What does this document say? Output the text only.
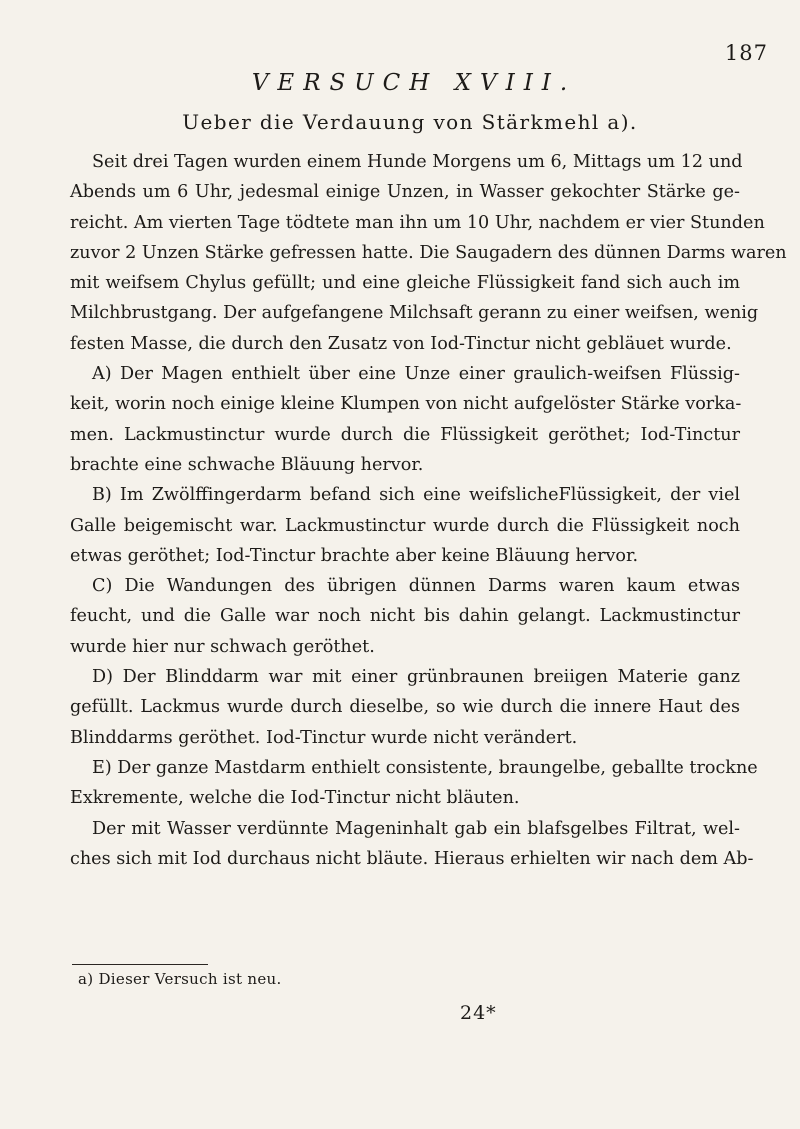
187
VERSUCH XVIII.
Ueber die Verdauung von Stärkmehl a).
Seit drei Tagen wurden einem Hunde Morgens um 6, Mittags um 12 und
Abends um 6 Uhr, jedesmal einige Unzen, in Wasser gekochter Stärke ge-
reicht. Am vierten Tage tödtete man ihn um 10 Uhr, nachdem er vier Stunden
zuvor 2 Unzen Stärke gefressen hatte. Die Saugadern des dünnen Darms waren
mit weifsem Chylus gefüllt; und eine gleiche Flüssigkeit fand sich auch im
Milchbrustgang. Der aufgefangene Milchsaft gerann zu einer weifsen, wenig
festen Masse, die durch den Zusatz von Iod-Tinctur nicht gebläuet wurde.
A) Der Magen enthielt über eine Unze einer graulich-weifsen Flüssig-
keit, worin noch einige kleine Klumpen von nicht aufgelöster Stärke vorka-
men. Lackmustinctur wurde durch die Flüssigkeit geröthet; Iod-Tinctur
brachte eine schwache Bläuung hervor.
B) Im Zwölffingerdarm befand sich eine weifslicheFlüssigkeit, der viel
Galle beigemischt war. Lackmustinctur wurde durch die Flüssigkeit noch
etwas geröthet; Iod-Tinctur brachte aber keine Bläuung hervor.
C) Die Wandungen des übrigen dünnen Darms waren kaum etwas
feucht, und die Galle war noch nicht bis dahin gelangt. Lackmustinctur
wurde hier nur schwach geröthet.
D) Der Blinddarm war mit einer grünbraunen breiigen Materie ganz
gefüllt. Lackmus wurde durch dieselbe, so wie durch die innere Haut des
Blinddarms geröthet. Iod-Tinctur wurde nicht verändert.
E) Der ganze Mastdarm enthielt consistente, braungelbe, geballte trockne
Exkremente, welche die Iod-Tinctur nicht bläuten.
Der mit Wasser verdünnte Mageninhalt gab ein blafsgelbes Filtrat, wel-
ches sich mit Iod durchaus nicht bläute. Hieraus erhielten wir nach dem Ab-
a) Dieser Versuch ist neu.
24*
